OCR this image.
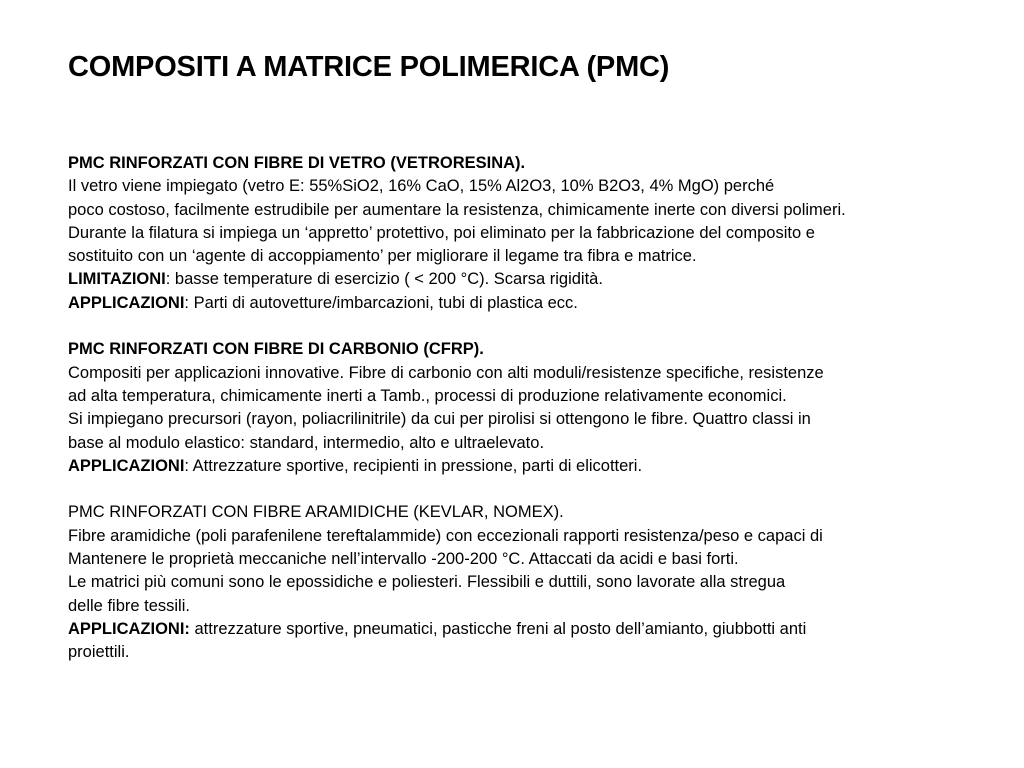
COMPOSITI A MATRICE POLIMERICA (PMC)
PMC RINFORZATI CON FIBRE DI VETRO (VETRORESINA).
Il vetro viene impiegato (vetro E: 55%SiO2, 16% CaO, 15% Al2O3, 10% B2O3, 4% MgO) perché
poco costoso, facilmente estrudibile per aumentare la resistenza, chimicamente inerte con diversi polimeri.
Durante la filatura si impiega un ‘appretto’ protettivo, poi eliminato per la fabbricazione del composito e
sostituito con un ‘agente di accoppiamento’ per migliorare il legame tra fibra e matrice.
LIMITAZIONI: basse temperature di esercizio ( < 200 °C). Scarsa rigidità.
APPLICAZIONI: Parti di autovetture/imbarcazioni, tubi di plastica ecc.
PMC RINFORZATI CON FIBRE DI CARBONIO (CFRP).
Compositi per applicazioni innovative. Fibre di carbonio con alti moduli/resistenze specifiche, resistenze
ad alta temperatura, chimicamente inerti a Tamb., processi di produzione relativamente economici.
Si impiegano precursori (rayon, poliacrilinitrile) da cui per pirolisi si ottengono le fibre. Quattro classi in
base al modulo elastico: standard, intermedio, alto e ultraelevato.
APPLICAZIONI: Attrezzature sportive, recipienti in pressione, parti di elicotteri.
PMC RINFORZATI CON FIBRE ARAMIDICHE (KEVLAR, NOMEX).
Fibre aramidiche (poli parafenilene tereftalammide) con eccezionali rapporti resistenza/peso e capaci di
Mantenere le proprietà meccaniche nell’intervallo -200-200 °C. Attaccati da acidi e basi forti.
Le matrici più comuni sono le epossidiche e poliesteri. Flessibili e duttili, sono lavorate alla stregua
delle fibre tessili.
APPLICAZIONI: attrezzature sportive, pneumatici, pasticche freni al posto dell’amianto, giubbotti anti
proiettili.
